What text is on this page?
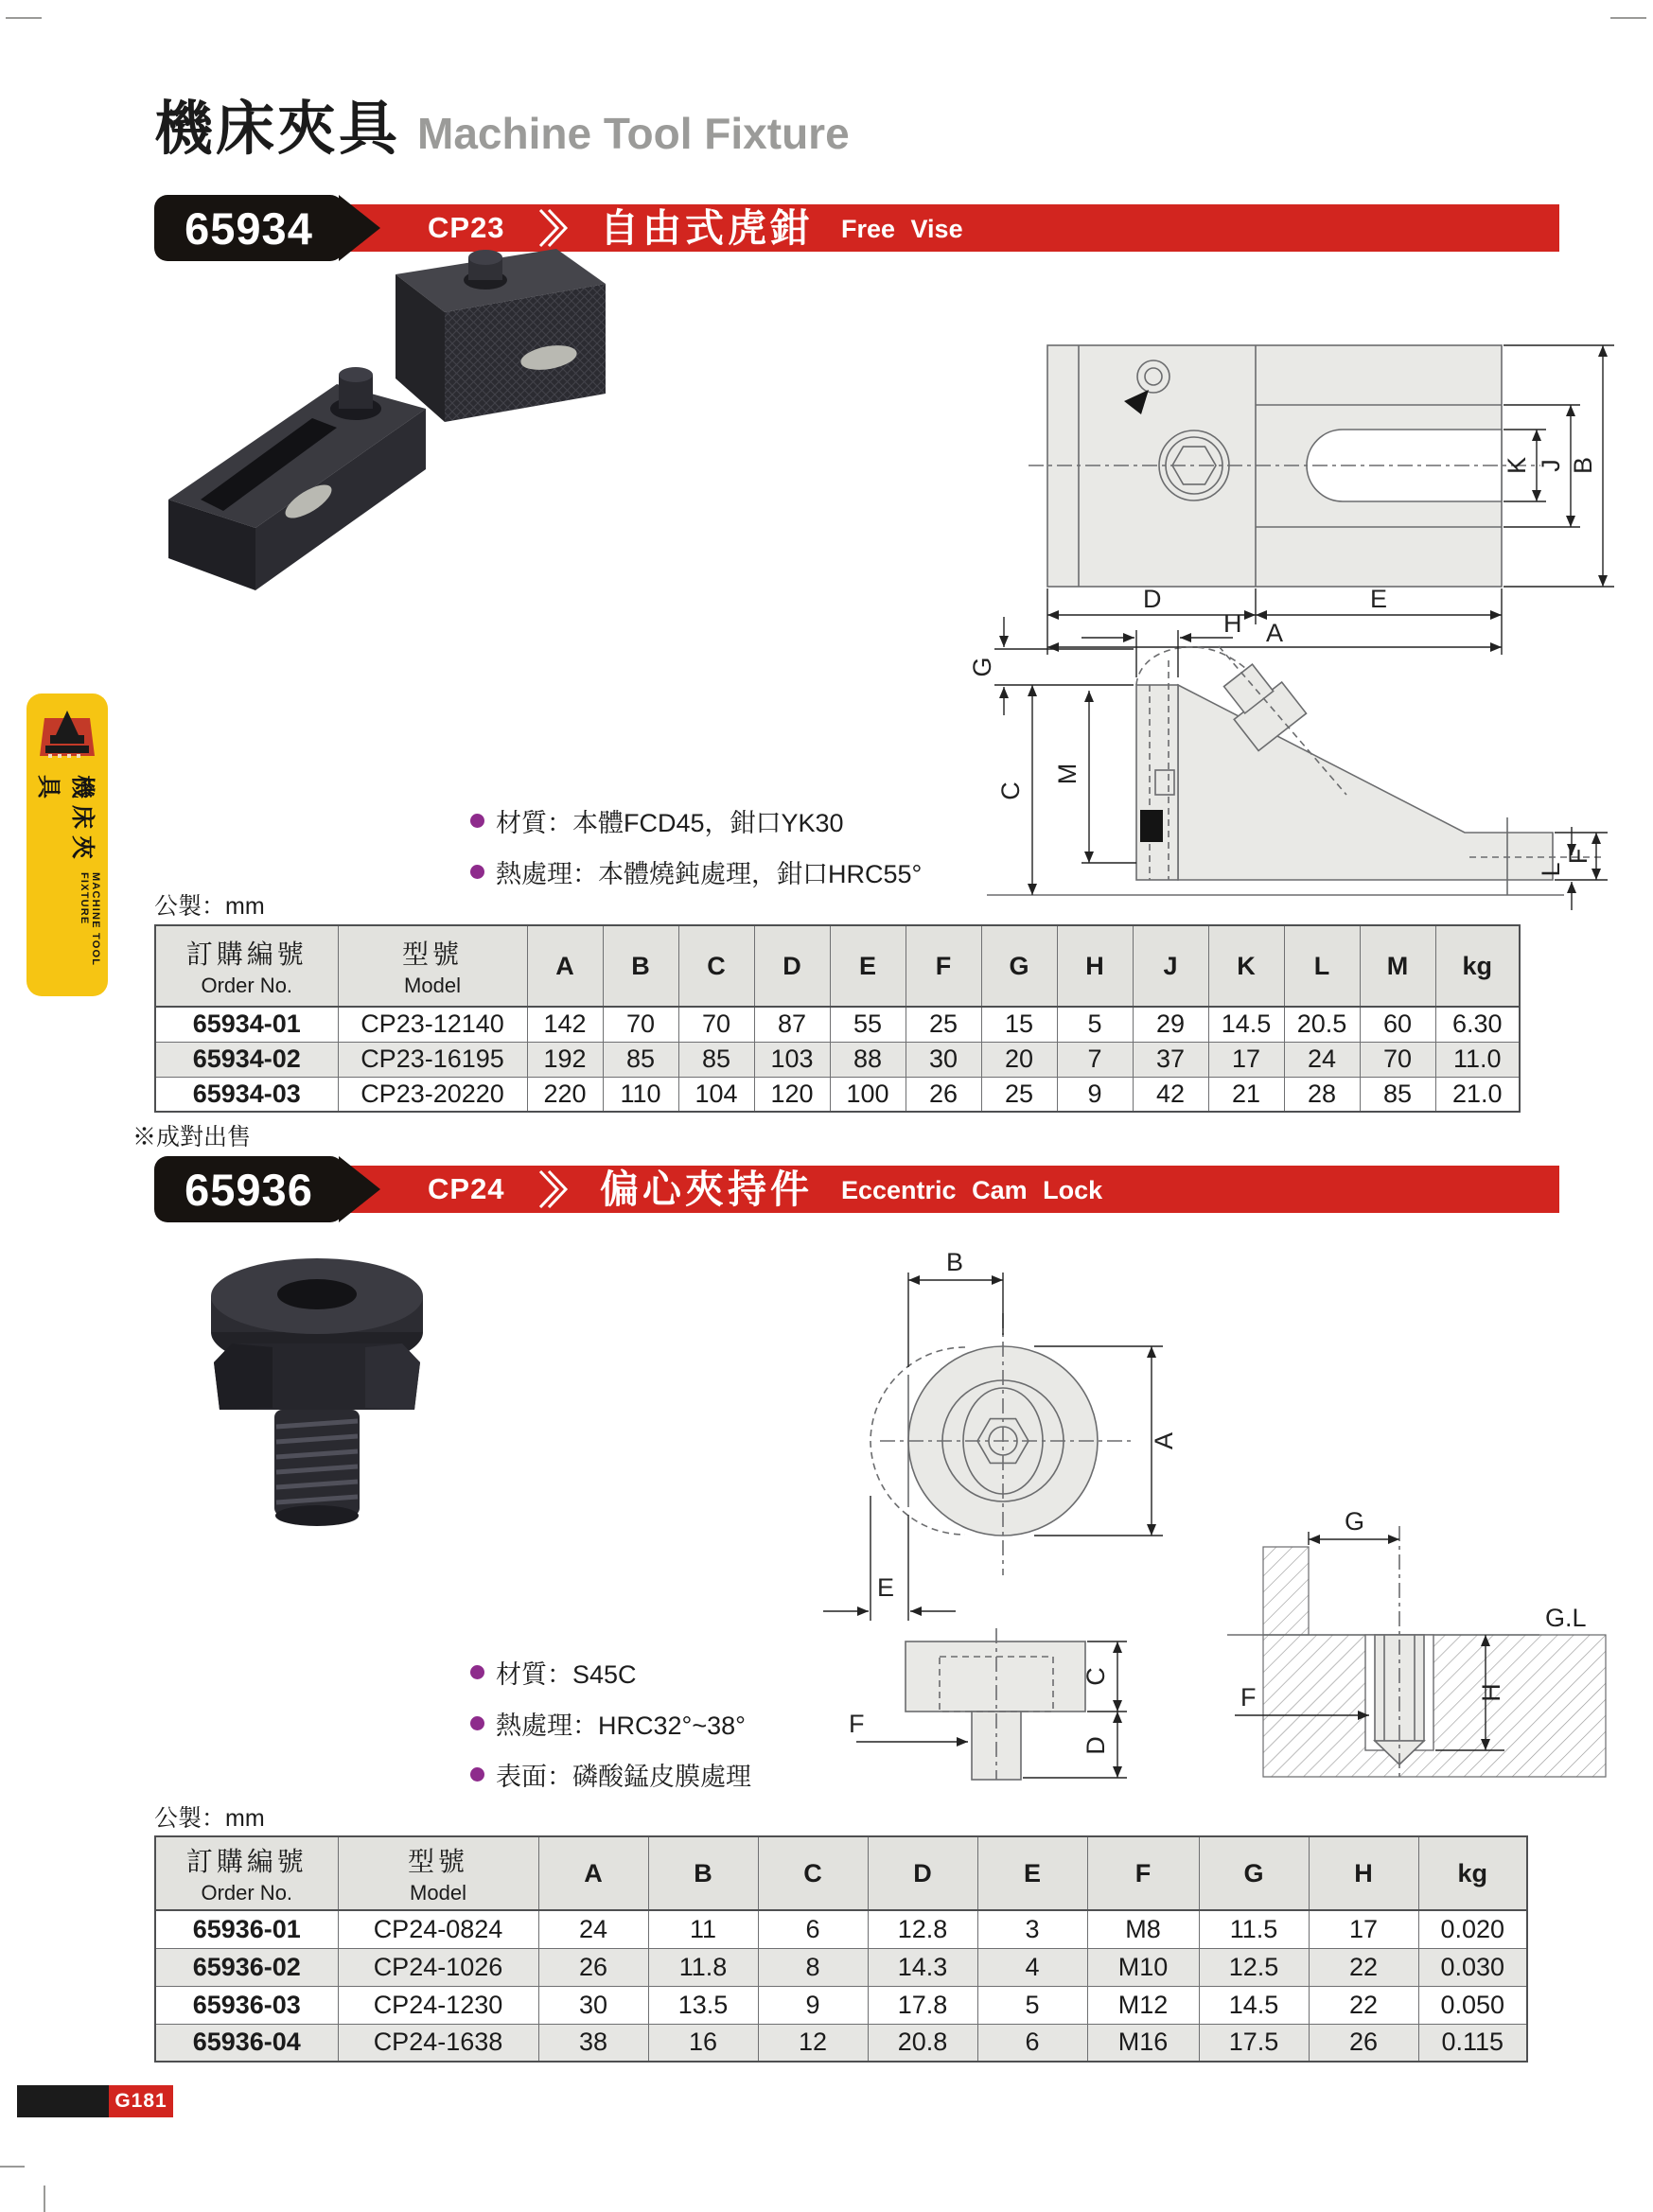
機床夾具 Machine Tool Fixture
機床夾具
MACHINE TOOL FIXTURE
65934	CP23 自由式虎鉗 Free Vise
D	E
A
K J B
H
G
C
M
L
F
材質：本體FCD45，鉗口YK30
熱處理：本體燒鈍處理，鉗口HRC55°
公製：mm
訂購編號
Order No.

型號
Model
	A	B	C	D	E	F	G	H	J	K	L	M	kg
65934-01	CP23-12140	142	70	70	87	55	25	15	5	29	14.5	20.5	60	6.30
65934-02	CP23-16195	192	85	85	103	88	30	20	7	37	17	24	70	11.0
65934-03	CP23-20220	220	110	104	120	100	26	25	9	42	21	28	85	21.0
※成對出售
65936	CP24 偏心夾持件 Eccentric Cam Lock
B
A
E
C
D
F
G
G.L
H
F
材質：S45C
熱處理：HRC32°~38°
表面：磷酸錳皮膜處理
公製：mm
訂購編號
Order No.

型號
Model
	A	B	C	D	E	F	G	H	kg
65936-01	CP24-0824	24	11	6	12.8	3	M8	11.5	17	0.020
65936-02	CP24-1026	26	11.8	8	14.3	4	M10	12.5	22	0.030
65936-03	CP24-1230	30	13.5	9	17.8	5	M12	14.5	22	0.050
65936-04	CP24-1638	38	16	12	20.8	6	M16	17.5	26	0.115
G181
